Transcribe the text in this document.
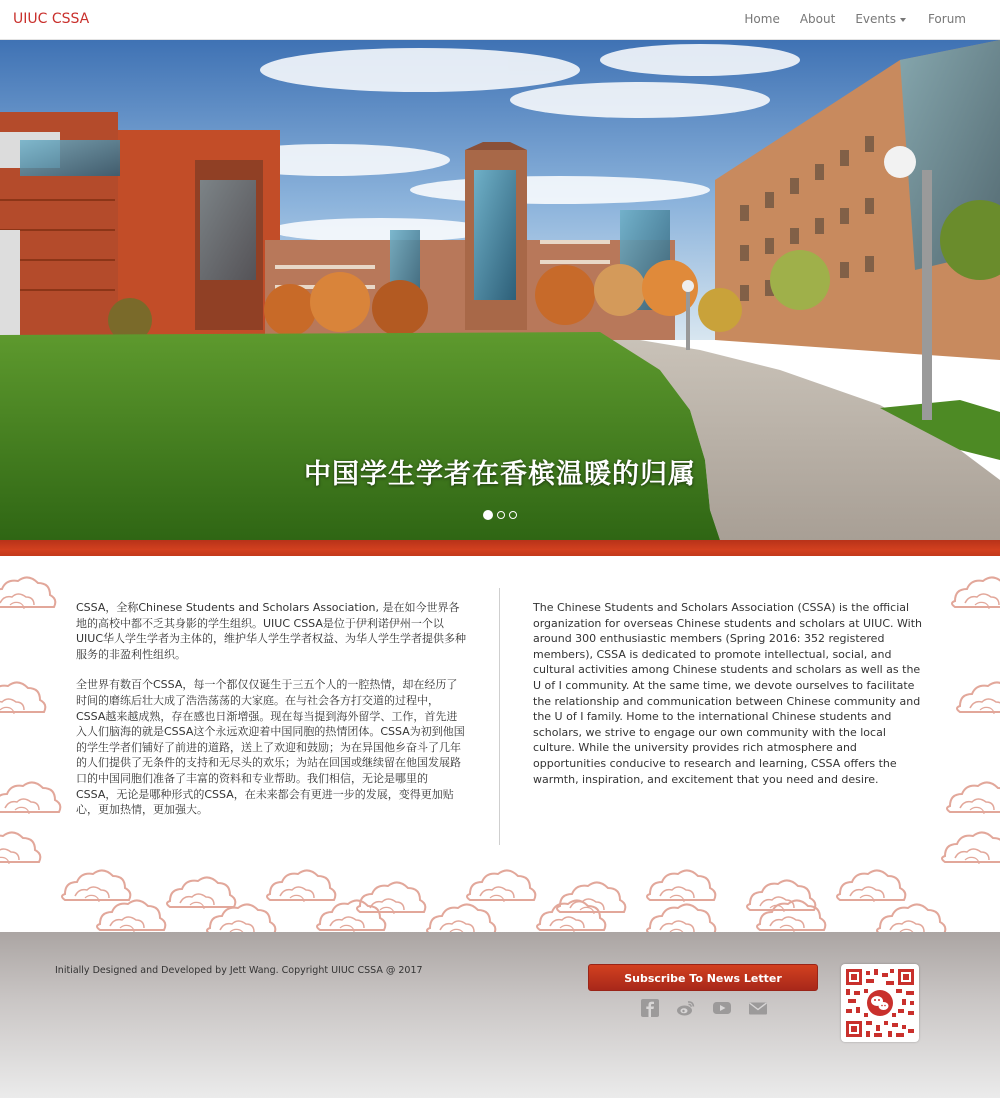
UIUC CSSA	Home	About	Events	Forum
中国学生学者在香槟温暖的归属

CSSA，全称Chinese Students and Scholars Association, 是在如今世界各地的高校中都不乏其身影的学生组织。UIUC CSSA是位于伊利诺伊州一个以UIUC华人学生学者为主体的，维护华人学生学者权益、为华人学生学者提供多种服务的非盈利性组织。

全世界有数百个CSSA，每一个都仅仅诞生于三五个人的一腔热情，却在经历了时间的磨练后壮大成了浩浩荡荡的大家庭。在与社会各方打交道的过程中，CSSA越来越成熟，存在感也日渐增强。现在每当提到海外留学、工作，首先进入人们脑海的就是CSSA这个永远欢迎着中国同胞的热情团体。CSSA为初到他国的学生学者们铺好了前进的道路，送上了欢迎和鼓励；为在异国他乡奋斗了几年的人们提供了无条件的支持和无尽头的欢乐；为站在回国或继续留在他国发展路口的中国同胞们准备了丰富的资料和专业帮助。我们相信，无论是哪里的CSSA，无论是哪种形式的CSSA，在未来都会有更进一步的发展，变得更加贴心，更加热情，更加强大。

The Chinese Students and Scholars Association (CSSA) is the official organization for overseas Chinese students and scholars at UIUC. With around 300 enthusiastic members (Spring 2016: 352 registered members), CSSA is dedicated to promote intellectual, social, and cultural activities among Chinese students and scholars as well as the U of I community. At the same time, we devote ourselves to facilitate the relationship and communication between Chinese community and the U of I family. Home to the international Chinese students and scholars, we strive to engage our own community with the local culture. While the university provides rich atmosphere and opportunities conducive to research and learning, CSSA offers the warmth, inspiration, and excitement that you need and desire.

Initially Designed and Developed by Jett Wang. Copyright UIUC CSSA @ 2017
Subscribe To News Letter
